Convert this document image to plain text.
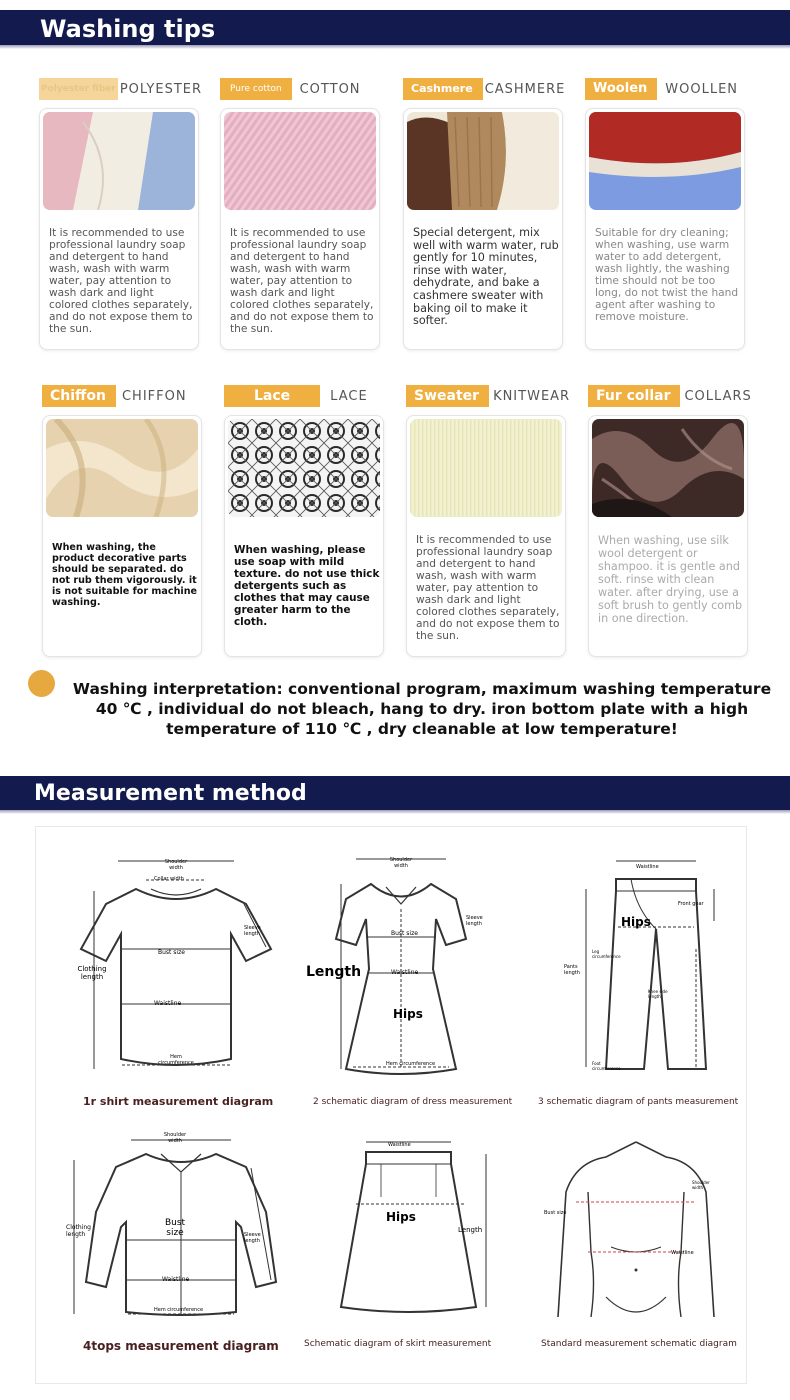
Washing tips
Polyester fiber POLYESTER
It is recommended to use professional laundry soap and detergent to hand wash, wash with warm water, pay attention to wash dark and light colored clothes separately, and do not expose them to the sun.
Pure cotton COTTON
It is recommended to use professional laundry soap and detergent to hand wash, wash with warm water, pay attention to wash dark and light colored clothes separately, and do not expose them to the sun.
Cashmere CASHMERE
Special detergent, mix well with warm water, rub gently for 10 minutes, rinse with water, dehydrate, and bake a cashmere sweater with baking oil to make it softer.
Woolen WOOLLEN
Suitable for dry cleaning; when washing, use warm water to add detergent, wash lightly, the washing time should not be too long, do not twist the hand agent after washing to remove moisture.
Chiffon CHIFFON
When washing, the product decorative parts should be separated. do not rub them vigorously. it is not suitable for machine washing.
Lace	LACE
When washing, please use soap with mild texture. do not use thick detergents such as clothes that may cause greater harm to the cloth.
Sweater KNITWEAR
It is recommended to use professional laundry soap and detergent to hand wash, wash with warm water, pay attention to wash dark and light colored clothes separately, and do not expose them to the sun.
Fur collar COLLARS
When washing, use silk wool detergent or shampoo. it is gentle and soft. rinse with clean water. after drying, use a soft brush to gently comb in one direction.
Washing interpretation: conventional program, maximum washing temperature 40 ℃ , individual do not bleach, hang to dry. iron bottom plate with a high temperature of 110 ℃ , dry cleanable at low temperature!
Measurement method
Shoulder width
Collar width
Sleeve length
Bust size
Clothing length
Waistline
Hem circumference
1r shirt measurement diagram
Shoulder width
Sleeve length
Bust size
Length	Waistline
Hips
Hem circumference
2 schematic diagram of dress measurement
Waistline
Front gear
Hips
Leg circumference
Pants length
Knee side length
Foot circumference
3 schematic diagram of pants measurement
Shoulder width
Clothing length
Bust size	Sleeve length
Waistline
Hem circumference
4tops measurement diagram
Waistline
Hips
Length
Schematic diagram of skirt measurement
Shoulder width
Bust size
Waistline
Standard measurement schematic diagram
